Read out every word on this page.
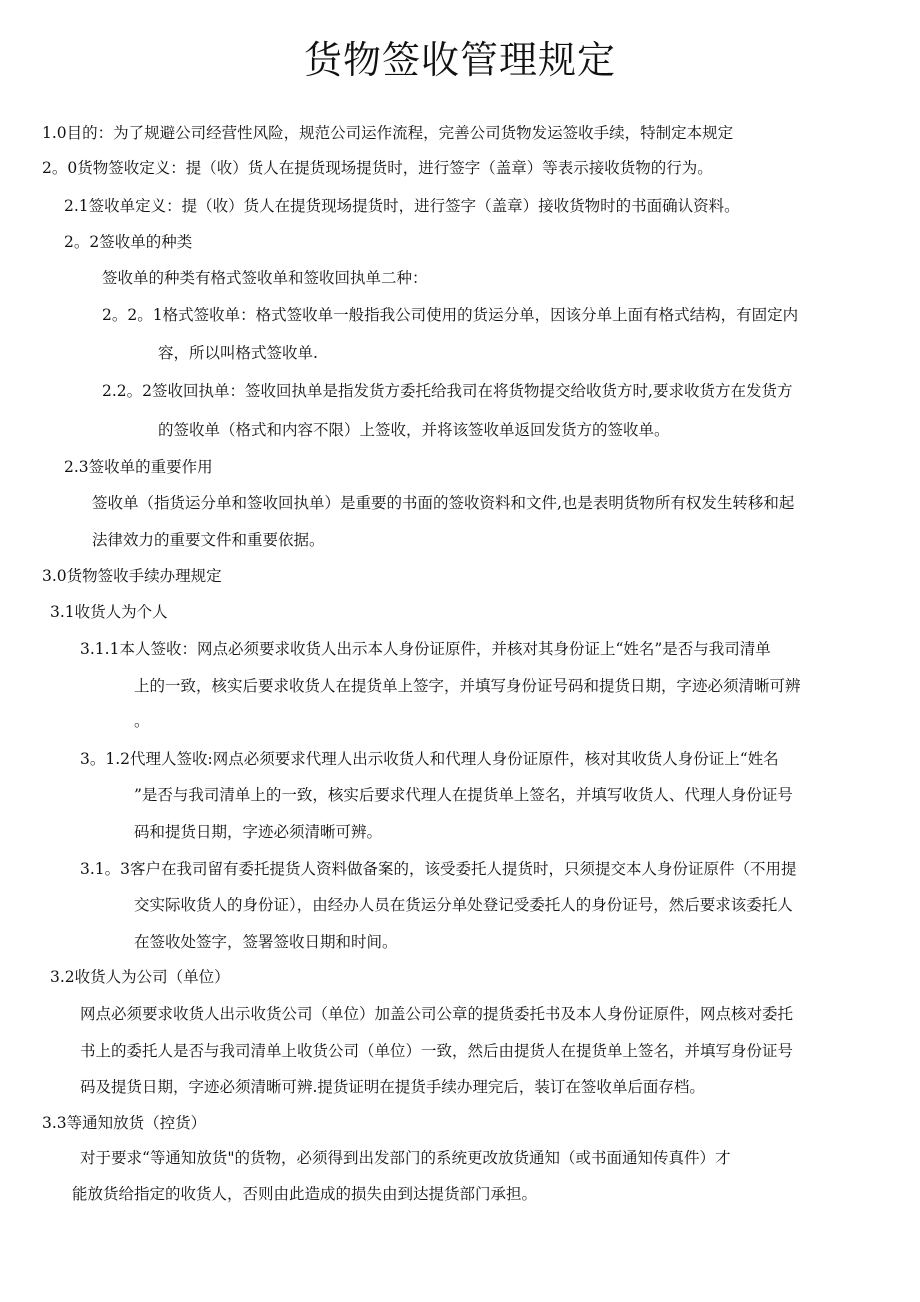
货物签收管理规定

1.0目的：为了规避公司经营性风险，规范公司运作流程，完善公司货物发运签收手续，特制定本规定

2。0货物签收定义：提（收）货人在提货现场提货时，进行签字（盖章）等表示接收货物的行为。

2.1签收单定义：提（收）货人在提货现场提货时，进行签字（盖章）接收货物时的书面确认资料。

2。2签收单的种类

签收单的种类有格式签收单和签收回执单二种：

2。2。1格式签收单：格式签收单一般指我公司使用的货运分单，因该分单上面有格式结构，有固定内

容，所以叫格式签收单.

2.2。2签收回执单：签收回执单是指发货方委托给我司在将货物提交给收货方时,要求收货方在发货方

的签收单（格式和内容不限）上签收，并将该签收单返回发货方的签收单。

2.3签收单的重要作用

签收单（指货运分单和签收回执单）是重要的书面的签收资料和文件,也是表明货物所有权发生转移和起

法律效力的重要文件和重要依据。

3.0货物签收手续办理规定

3.1收货人为个人

3.1.1本人签收：网点必须要求收货人出示本人身份证原件，并核对其身份证上“姓名”是否与我司清单

上的一致，核实后要求收货人在提货单上签字，并填写身份证号码和提货日期，字迹必须清晰可辨

。

3。1.2代理人签收:网点必须要求代理人出示收货人和代理人身份证原件，核对其收货人身份证上“姓名

”是否与我司清单上的一致，核实后要求代理人在提货单上签名，并填写收货人、代理人身份证号

码和提货日期，字迹必须清晰可辨。

3.1。3客户在我司留有委托提货人资料做备案的，该受委托人提货时，只须提交本人身份证原件（不用提

交实际收货人的身份证），由经办人员在货运分单处登记受委托人的身份证号，然后要求该委托人

在签收处签字，签署签收日期和时间。

3.2收货人为公司（单位）

网点必须要求收货人出示收货公司（单位）加盖公司公章的提货委托书及本人身份证原件，网点核对委托

书上的委托人是否与我司清单上收货公司（单位）一致，然后由提货人在提货单上签名，并填写身份证号

码及提货日期，字迹必须清晰可辨.提货证明在提货手续办理完后，装订在签收单后面存档。

3.3等通知放货（控货）

对于要求“等通知放货"的货物，必须得到出发部门的系统更改放货通知（或书面通知传真件）才

能放货给指定的收货人，否则由此造成的损失由到达提货部门承担。
